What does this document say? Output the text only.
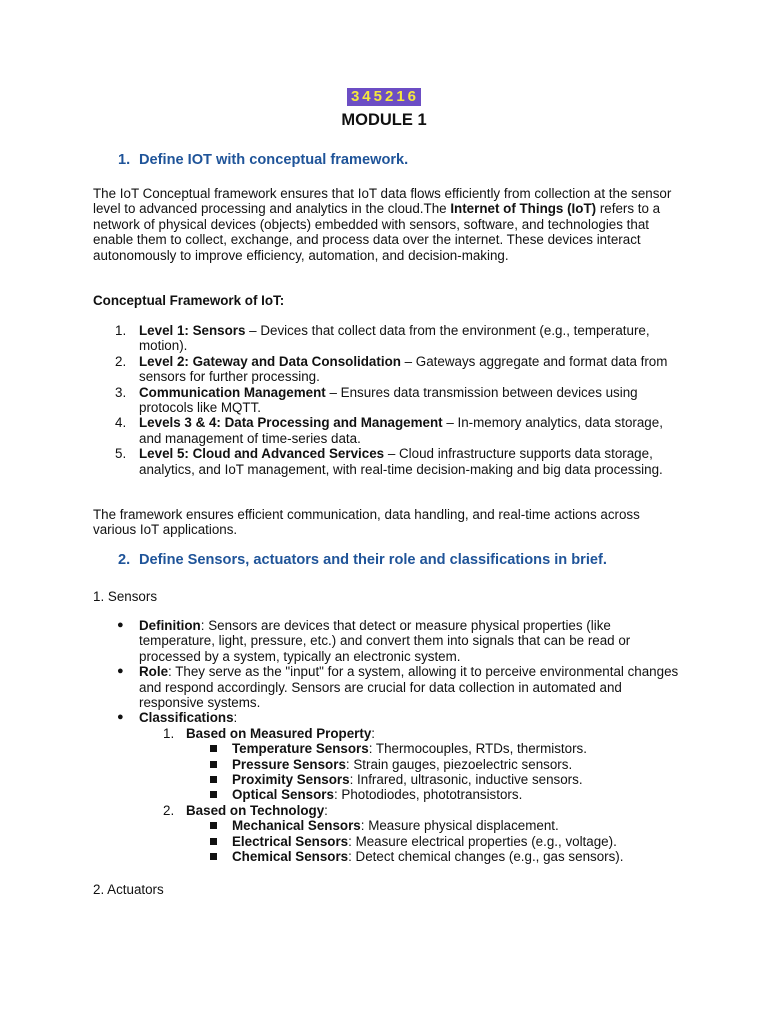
345216
MODULE 1
1. Define IOT with conceptual framework.

The IoT Conceptual framework ensures that IoT data flows efficiently from collection at the sensor level to advanced processing and analytics in the cloud.The Internet of Things (IoT) refers to a network of physical devices (objects) embedded with sensors, software, and technologies that enable them to collect, exchange, and process data over the internet. These devices interact autonomously to improve efficiency, automation, and decision-making.

Conceptual Framework of IoT:

1. Level 1: Sensors – Devices that collect data from the environment (e.g., temperature, motion).
2. Level 2: Gateway and Data Consolidation – Gateways aggregate and format data from sensors for further processing.
3. Communication Management – Ensures data transmission between devices using protocols like MQTT.
4. Levels 3 & 4: Data Processing and Management – In-memory analytics, data storage, and management of time-series data.
5. Level 5: Cloud and Advanced Services – Cloud infrastructure supports data storage, analytics, and IoT management, with real-time decision-making and big data processing.

The framework ensures efficient communication, data handling, and real-time actions across various IoT applications.

2. Define Sensors, actuators and their role and classifications in brief.

1. Sensors

● Definition: Sensors are devices that detect or measure physical properties (like temperature, light, pressure, etc.) and convert them into signals that can be read or processed by a system, typically an electronic system.
● Role: They serve as the "input" for a system, allowing it to perceive environmental changes and respond accordingly. Sensors are crucial for data collection in automated and responsive systems.
● Classifications:
1. Based on Measured Property:
Temperature Sensors: Thermocouples, RTDs, thermistors.
Pressure Sensors: Strain gauges, piezoelectric sensors.
Proximity Sensors: Infrared, ultrasonic, inductive sensors.
Optical Sensors: Photodiodes, phototransistors.
2. Based on Technology:
Mechanical Sensors: Measure physical displacement.
Electrical Sensors: Measure electrical properties (e.g., voltage).
Chemical Sensors: Detect chemical changes (e.g., gas sensors).

2. Actuators
